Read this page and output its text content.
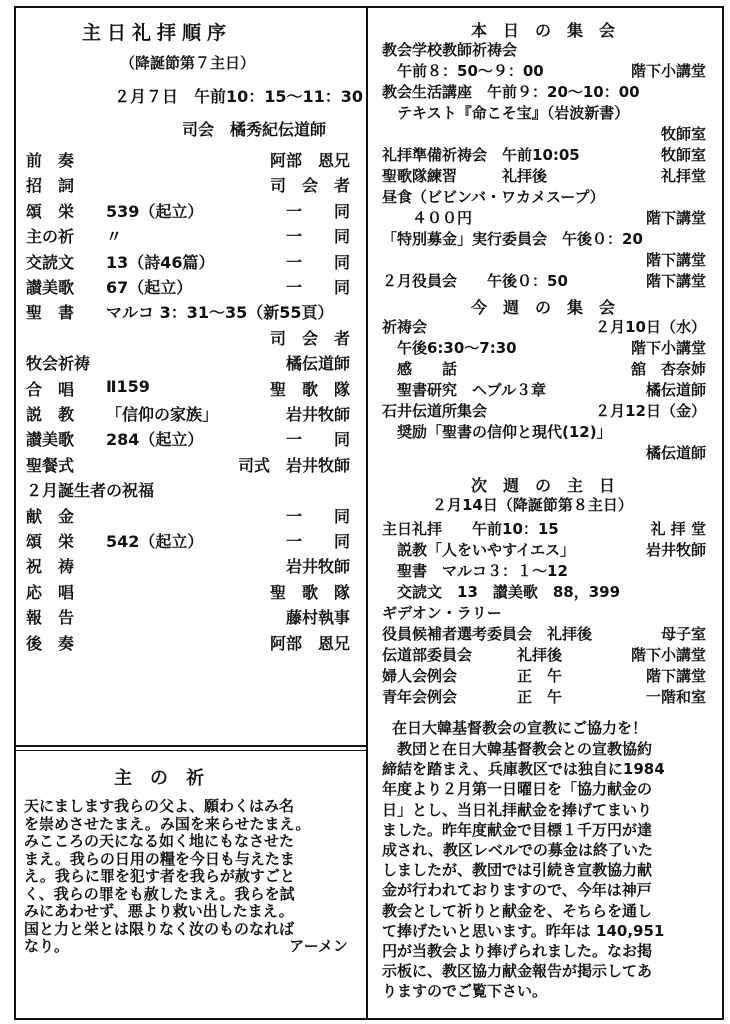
主日礼拝順序
（降誕節第７主日）
２月７日　午前10：15〜11：30
司会　橘秀紀伝道師
前　奏	阿部　恩兄
招　詞	司　会　者
頌　栄 539（起立）	一　　同
主の祈 〃	一　　同
交読文 13（詩46篇）	一　　同
讃美歌 67（起立）	一　　同
聖　書 マルコ 3：31〜35（新55頁）
司　会　者
牧会祈祷	橘伝道師
合　唱 Ⅱ159	聖　歌　隊
説　教 「信仰の家族」	岩井牧師
讃美歌 284（起立）	一　　同
聖餐式	司式　岩井牧師
２月誕生者の祝福
献　金	一　　同
頌　栄 542（起立）	一　　同
祝　祷	岩井牧師
応　唱	聖　歌　隊
報　告	藤村執事
後　奏	阿部　恩兄
主　の　祈

天にまします我らの父よ、願わくはみ名

を崇めさせたまえ。み国を来らせたまえ。

みこころの天になる如く地にもなさせた

まえ。我らの日用の糧を今日も与えたま

え。我らに罪を犯す者を我らが赦すごと

く、我らの罪をも赦したまえ。我らを試

みにあわせず、悪より救い出したまえ。

国と力と栄とは限りなく汝のものなれば

なり。	アーメン
本　日　の　集　会
教会学校教師祈祷会
　午前８：50〜９：00	階下小講堂
教会生活講座　午前９：20〜10：00
　テキスト『命こそ宝』（岩波新書）
牧師室
礼拝準備祈祷会　午前10:05	牧師室
聖歌隊練習　　　礼拝後	礼拝堂
昼食（ビビンバ・ワカメスープ）
　　４００円	階下講堂
「特別募金」実行委員会　午後０：20
階下講堂
２月役員会　　午後０：50	階下講堂
今　週　の　集　会
祈祷会	２月10日（水）
　午後6:30〜7:30	階下小講堂
　感　　話	舘　杏奈姉
　聖書研究　ヘブル３章	橘伝道師
石井伝道所集会	２月12日（金）
　奨励「聖書の信仰と現代(12)」
橘伝道師
次　週　の　主　日
２月14日（降誕節第８主日）
主日礼拝　　午前10：15	礼 拝 堂
　説教「人をいやすイエス」	岩井牧師
　聖書　マルコ３：１〜12
　交読文　13　讃美歌　88，399
ギデオン・ラリー
役員候補者選考委員会　礼拝後	母子室
伝道部委員会　　　礼拝後	階下小講堂
婦人会例会　　　　正　午	階下講堂
青年会例会　　　　正　午	一階和室
在日大韓基督教会の宣教にご協力を！
　教団と在日大韓基督教会との宣教協約
締結を踏まえ、兵庫教区では独自に1984
年度より２月第一日曜日を「協力献金の
日」とし、当日礼拝献金を捧げてまいり
ました。昨年度献金で目標１千万円が達
成され、教区レベルでの募金は終了いた
しましたが、教団では引続き宣教協力献
金が行われておりますので、今年は神戸
教会として祈りと献金を、そちらを通し
て捧げたいと思います。昨年は 140,951
円が当教会より捧げられました。なお掲
示板に、教区協力献金報告が掲示してあ
りますのでご覧下さい。
